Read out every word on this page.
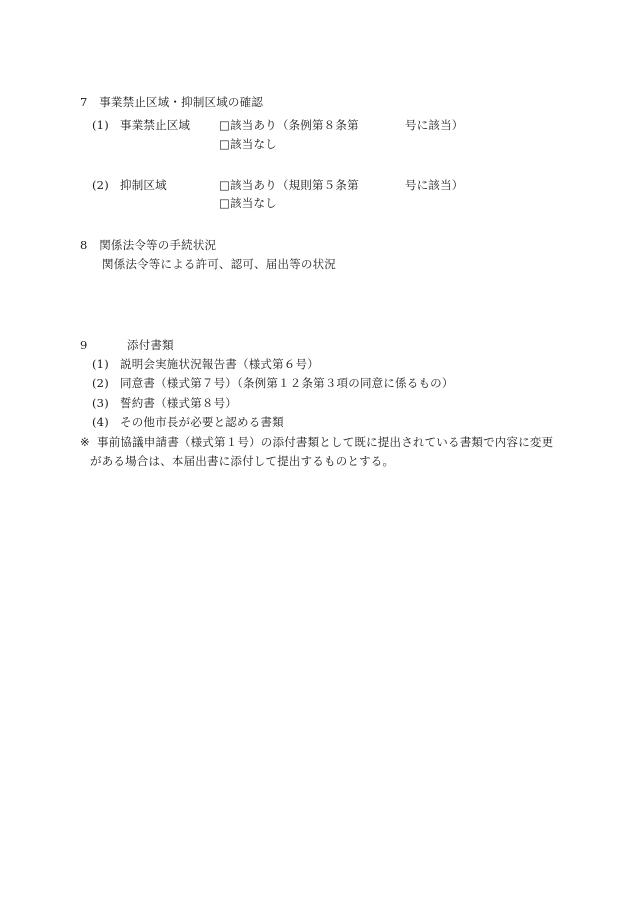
7　事業禁止区域・抑制区域の確認
(1) 事業禁止区域	□該当あり（条例第８条第	号に該当）
□該当なし
(2) 抑制区域	□該当あり（規則第５条第	号に該当）
□該当なし
8　関係法令等の手続状況
関係法令等による許可、認可、届出等の状況
9	添付書類
(1) 説明会実施状況報告書（様式第６号）
(2) 同意書（様式第７号）（条例第１２条第３項の同意に係るもの）
(3) 誓約書（様式第８号）
(4) その他市長が必要と認める書類
※ 事前協議申請書（様式第１号）の添付書類として既に提出されている書類で内容に変更
がある場合は、本届出書に添付して提出するものとする。
